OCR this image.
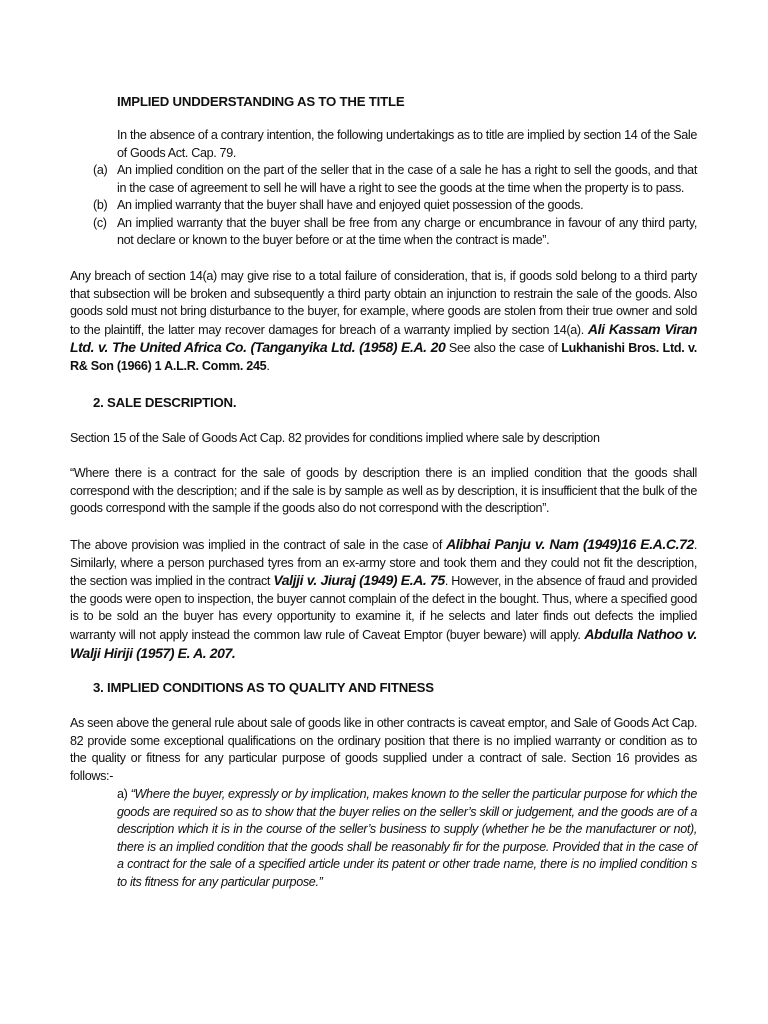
IMPLIED UNDDERSTANDING AS TO THE TITLE

In the absence of a contrary intention, the following undertakings as to title are implied by section 14 of the Sale of Goods Act. Cap. 79.

(a) An implied condition on the part of the seller that in the case of a sale he has a right to sell the goods, and that in the case of agreement to sell he will have a right to see the goods at the time when the property is to pass.
(b) An implied warranty that the buyer shall have and enjoyed quiet possession of the goods.
(c) An implied warranty that the buyer shall be free from any charge or encumbrance in favour of any third party, not declare or known to the buyer before or at the time when the contract is made”.

Any breach of section 14(a) may give rise to a total failure of consideration, that is, if goods sold belong to a third party that subsection will be broken and subsequently a third party obtain an injunction to restrain the sale of the goods. Also goods sold must not bring disturbance to the buyer, for example, where goods are stolen from their true owner and sold to the plaintiff, the latter may recover damages for breach of a warranty implied by section 14(a). Ali Kassam Viran Ltd. v. The United Africa Co. (Tanganyika Ltd. (1958) E.A. 20 See also the case of Lukhanishi Bros. Ltd. v. R& Son (1966) 1 A.L.R. Comm. 245.

2. SALE DESCRIPTION.

Section 15 of the Sale of Goods Act Cap. 82 provides for conditions implied where sale by description

“Where there is a contract for the sale of goods by description there is an implied condition that the goods shall correspond with the description; and if the sale is by sample as well as by description, it is insufficient that the bulk of the goods correspond with the sample if the goods also do not correspond with the description”.

The above provision was implied in the contract of sale in the case of Alibhai Panju v. Nam (1949)16 E.A.C.72. Similarly, where a person purchased tyres from an ex-army store and took them and they could not fit the description, the section was implied in the contract Valjji v. Jiuraj (1949) E.A. 75. However, in the absence of fraud and provided the goods were open to inspection, the buyer cannot complain of the defect in the bought. Thus, where a specified good is to be sold an the buyer has every opportunity to examine it, if he selects and later finds out defects the implied warranty will not apply instead the common law rule of Caveat Emptor (buyer beware) will apply. Abdulla Nathoo v. Walji Hiriji (1957) E. A. 207.

3. IMPLIED CONDITIONS AS TO QUALITY AND FITNESS

As seen above the general rule about sale of goods like in other contracts is caveat emptor, and Sale of Goods Act Cap. 82 provide some exceptional qualifications on the ordinary position that there is no implied warranty or condition as to the quality or fitness for any particular purpose of goods supplied under a contract of sale. Section 16 provides as follows:-

a) “Where the buyer, expressly or by implication, makes known to the seller the particular purpose for which the goods are required so as to show that the buyer relies on the seller’s skill or judgement, and the goods are of a description which it is in the course of the seller’s business to supply (whether he be the manufacturer or not), there is an implied condition that the goods shall be reasonably fir for the purpose. Provided that in the case of a contract for the sale of a specified article under its patent or other trade name, there is no implied condition s to its fitness for any particular purpose.”
